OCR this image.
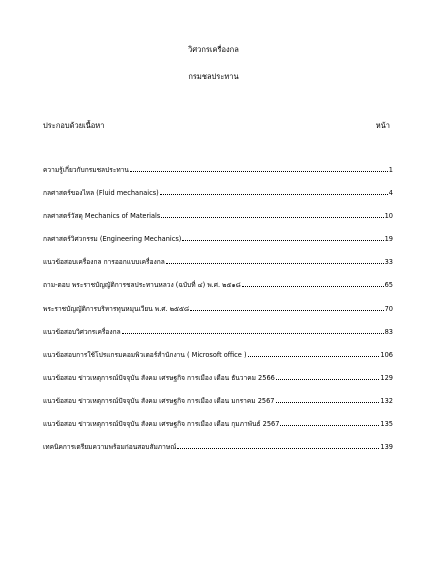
วิศวกรเครื่องกล
กรมชลประทาน
ประกอบด้วยเนื้อหา	หน้า
ความรู้เกี่ยวกับกรมชลประทาน	1
กลศาสตร์ของไหล (Fluid mechanaics)	4
กลศาสตร์วัสดุ Mechanics of Materials	10
กลศาสตร์วิศวกรรม (Engineering Mechanics)	19
แนวข้อสอบเครื่องกล การออกแบบเครื่องกล	33
ถาม-ตอบ พระราชบัญญัติการชลประทานหลวง (ฉบับที่ ๔) พ.ศ. ๒๕๑๘	65
พระราชบัญญัติการบริหารทุนหมุนเวียน พ.ศ. ๒๕๕๘	70
แนวข้อสอบวิศวกรเครื่องกล	83
แนวข้อสอบการใช้โปรแกรมคอมพิวเตอร์สำนักงาน ( Microsoft office )	106
แนวข้อสอบ ข่าวเหตุการณ์ปัจจุบัน สังคม เศรษฐกิจ การเมือง เดือน ธันวาคม 2566	129
แนวข้อสอบ ข่าวเหตุการณ์ปัจจุบัน สังคม เศรษฐกิจ การเมือง เดือน มกราคม 2567	132
แนวข้อสอบ ข่าวเหตุการณ์ปัจจุบัน สังคม เศรษฐกิจ การเมือง เดือน กุมภาพันธ์ 2567	135
เทคนิคการเตรียมความพร้อมก่อนสอบสัมภาษณ์	139
